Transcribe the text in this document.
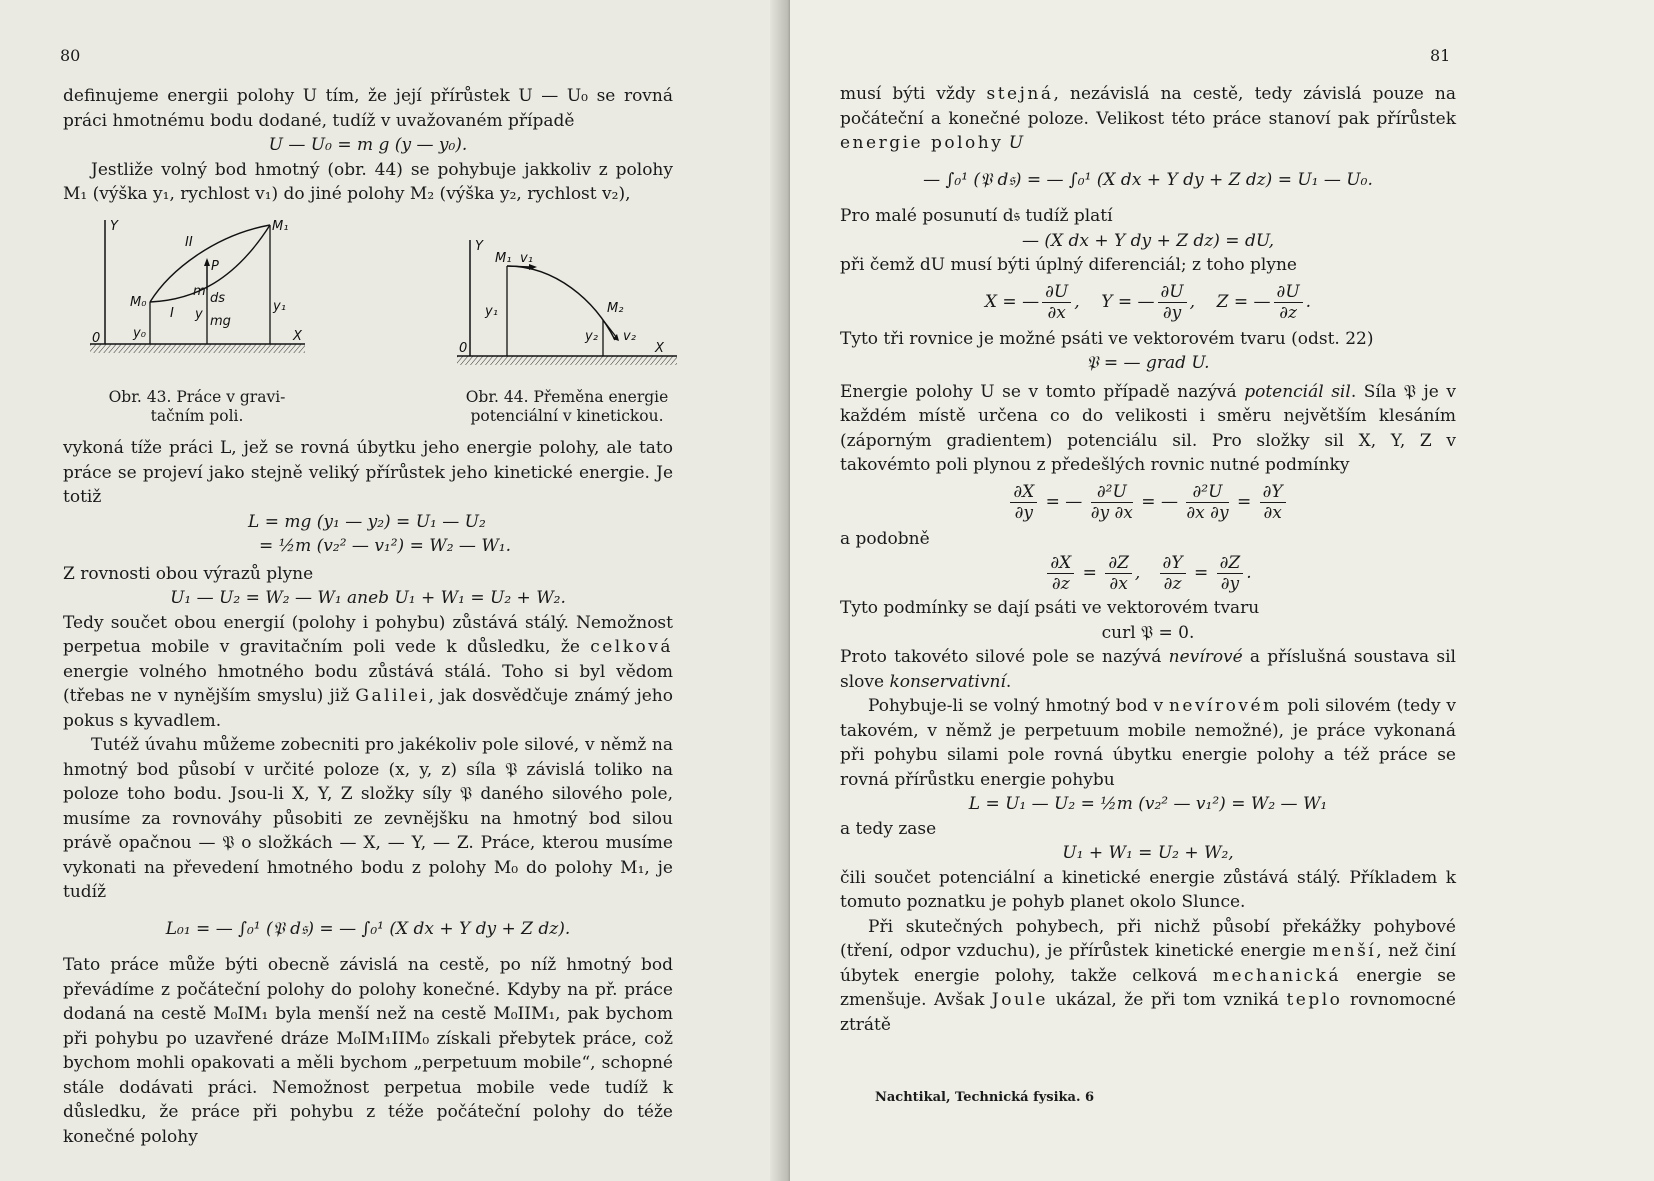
80

definujeme energii polohy U tím, že její přírůstek U — U₀ se rovná práci hmotnému bodu dodané, tudíž v uvažovaném případě

U — U₀ = m g (y — y₀).

Jestliže volný bod hmotný (obr. 44) se pohybuje jakkoliv z polohy M₁ (výška y₁, rychlost v₁) do jiné polohy M₂ (výška y₂, rychlost v₂),

Y
0	X
M₁
M₀
II
I
P
m ds
mg
y
y₀
y₁
Obr. 43. Práce v gravi-
tačním poli.
Y
0	X
M₁ v₁
M₂
v₂
y₁
y₂
Obr. 44. Přeměna energie
potenciální v kinetickou.

vykoná tíže práci L, jež se rovná úbytku jeho energie polohy, ale tato práce se projeví jako stejně veliký přírůstek jeho kinetické energie. Je totiž

L = mg (y₁ — y₂) = U₁ — U₂

= ½m (v₂² — v₁²) = W₂ — W₁.

Z rovnosti obou výrazů plyne

U₁ — U₂ = W₂ — W₁ aneb U₁ + W₁ = U₂ + W₂.

Tedy součet obou energií (polohy i pohybu) zůstává stálý. Nemožnost perpetua mobile v gravitačním poli vede k důsledku, že celková energie volného hmotného bodu zůstává stálá. Toho si byl vědom (třebas ne v nynějším smyslu) již Galilei, jak dosvědčuje známý jeho pokus s kyvadlem.

Tutéž úvahu můžeme zobecniti pro jakékoliv pole silové, v němž na hmotný bod působí v určité poloze (x, y, z) síla 𝔓 závislá toliko na poloze toho bodu. Jsou-li X, Y, Z složky síly 𝔓 daného silového pole, musíme za rovnováhy působiti ze zevnějšku na hmotný bod silou právě opačnou — 𝔓 o složkách — X, — Y, — Z. Práce, kterou musíme vykonati na převedení hmotného bodu z polohy M₀ do polohy M₁, je tudíž

L₀₁ = — ∫₀¹ (𝔓 d𝔰) = — ∫₀¹ (X dx + Y dy + Z dz).

Tato práce může býti obecně závislá na cestě, po níž hmotný bod převádíme z počáteční polohy do polohy konečné. Kdyby na př. práce dodaná na cestě M₀IM₁ byla menší než na cestě M₀IIM₁, pak bychom při pohybu po uzavřené dráze M₀IM₁IIM₀ získali přebytek práce, což bychom mohli opakovati a měli bychom „perpetuum mobile“, schopné stále dodávati práci. Nemožnost perpetua mobile vede tudíž k důsledku, že práce při pohybu z téže počáteční polohy do téže konečné polohy

81

musí býti vždy stejná, nezávislá na cestě, tedy závislá pouze na počáteční a konečné poloze. Velikost této práce stanoví pak přírůstek energie polohy U

— ∫₀¹ (𝔓 d𝔰) = — ∫₀¹ (X dx + Y dy + Z dz) = U₁ — U₀.

Pro malé posunutí d𝔰 tudíž platí

— (X dx + Y dy + Z dz) = dU,

při čemž dU musí býti úplný diferenciál; z toho plyne

X = — $\frac{\partial U}{\partial x}$ ,    Y = — $\frac{\partial U}{\partial y}$ ,    Z = — $\frac{\partial U}{\partial z}$ .

Tyto tři rovnice je možné psáti ve vektorovém tvaru (odst. 22)

𝔓 = — grad U.

Energie polohy U se v tomto případě nazývá potenciál sil. Síla 𝔓 je v každém místě určena co do velikosti i směru největším klesáním (záporným gradientem) potenciálu sil. Pro složky sil X, Y, Z v takovémto poli plynou z předešlých rovnic nutné podmínky

$\frac{\partial X}{\partial y}$ = — $\frac{\text{∂²U}}{\partial y \partial x}$ = — $\frac{\text{∂²U}}{\partial x \partial y} = \frac{\partial Y}{\partial x}$

a podobně

$\frac{\partial X}{\partial z} = \frac{\partial Z}{\partial x}$ , $\frac{\partial Y}{\partial z} = \frac{\partial Z}{\partial y}$ .

Tyto podmínky se dají psáti ve vektorovém tvaru

curl 𝔓 = 0.

Proto takovéto silové pole se nazývá nevírové a příslušná soustava sil slove konservativní.

Pohybuje-li se volný hmotný bod v nevírovém poli silovém (tedy v takovém, v němž je perpetuum mobile nemožné), je práce vykonaná při pohybu silami pole rovná úbytku energie polohy a též práce se rovná přírůstku energie pohybu

L = U₁ — U₂ = ½m (v₂² — v₁²) = W₂ — W₁

a tedy zase

U₁ + W₁ = U₂ + W₂,

čili součet potenciální a kinetické energie zůstává stálý. Příkladem k tomuto poznatku je pohyb planet okolo Slunce.

Při skutečných pohybech, při nichž působí překážky pohybové (tření, odpor vzduchu), je přírůstek kinetické energie menší, než činí úbytek energie polohy, takže celková mechanická energie se zmenšuje. Avšak Joule ukázal, že při tom vzniká teplo rovnomocné ztrátě

Nachtikal, Technická fysika. 6
